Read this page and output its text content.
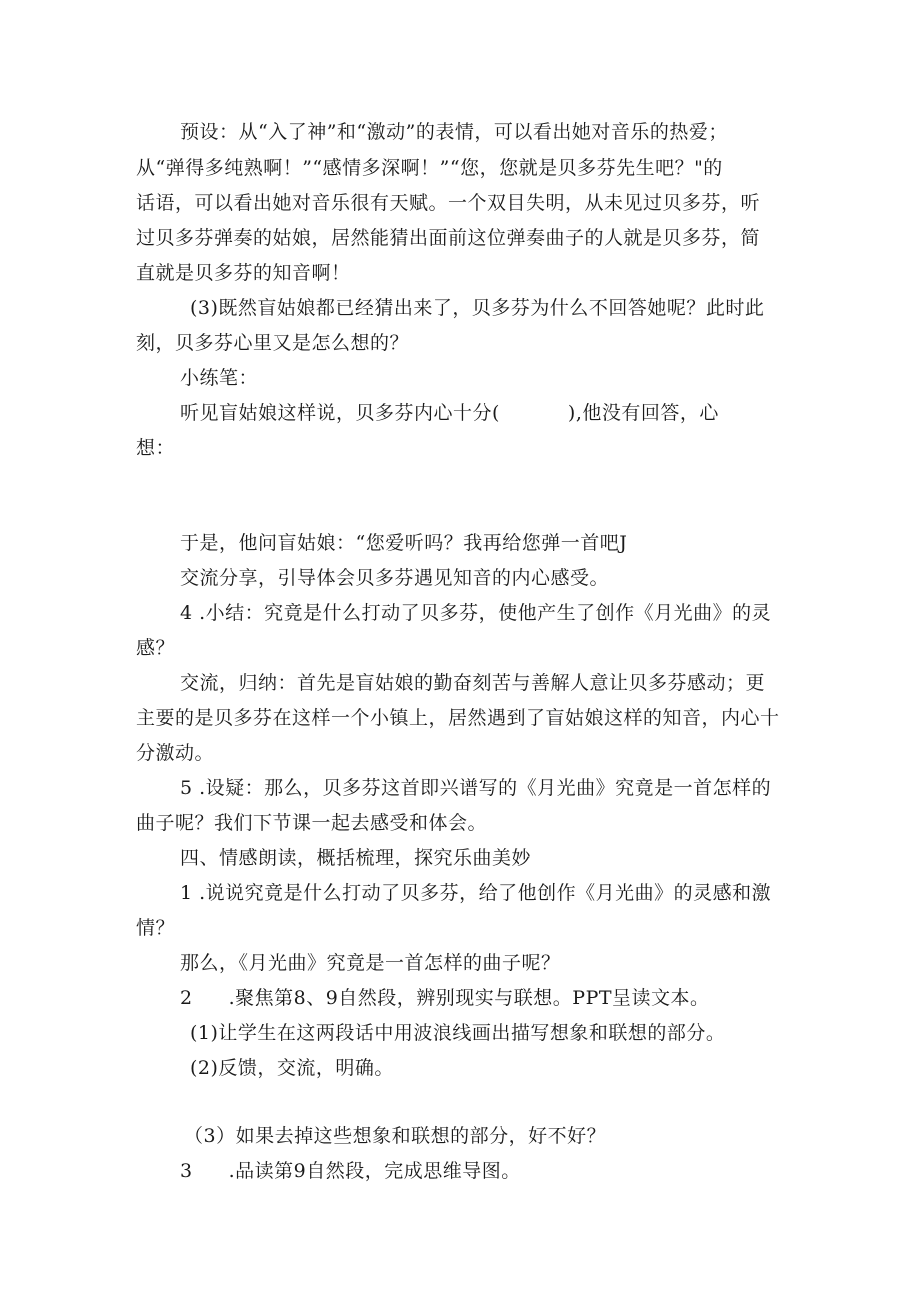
预设：从“入了神”和“激动”的表情，可以看出她对音乐的热爱；
从“弹得多纯熟啊！”“感情多深啊！”“您，您就是贝多芬先生吧？"的
话语，可以看出她对音乐很有天赋。一个双目失明，从未见过贝多芬，听
过贝多芬弹奏的姑娘，居然能猜出面前这位弹奏曲子的人就是贝多芬，简
直就是贝多芬的知音啊！
(3)既然盲姑娘都已经猜出来了，贝多芬为什么不回答她呢？此时此
刻，贝多芬心里又是怎么想的？
小练笔：
听见盲姑娘这样说，贝多芬内心十分(	),他没有回答，心
想：
于是，他问盲姑娘：“您爱听吗？我再给您弹一首吧J
交流分享，引导体会贝多芬遇见知音的内心感受。
4 .小结：究竟是什么打动了贝多芬，使他产生了创作《月光曲》的灵
感？
交流，归纳：首先是盲姑娘的勤奋刻苦与善解人意让贝多芬感动；更
主要的是贝多芬在这样一个小镇上，居然遇到了盲姑娘这样的知音，内心十
分激动。
5 .设疑：那么，贝多芬这首即兴谱写的《月光曲》究竟是一首怎样的
曲子呢？我们下节课一起去感受和体会。
四、情感朗读，概括梳理，探究乐曲美妙
1 .说说究竟是什么打动了贝多芬，给了他创作《月光曲》的灵感和激
情？
那么，《月光曲》究竟是一首怎样的曲子呢？
2 .聚焦第8、9自然段，辨别现实与联想。PPT呈读文本。
(1)让学生在这两段话中用波浪线画出描写想象和联想的部分。
(2)反馈，交流，明确。
（3）如果去掉这些想象和联想的部分，好不好？
3 .品读第9自然段，完成思维导图。
